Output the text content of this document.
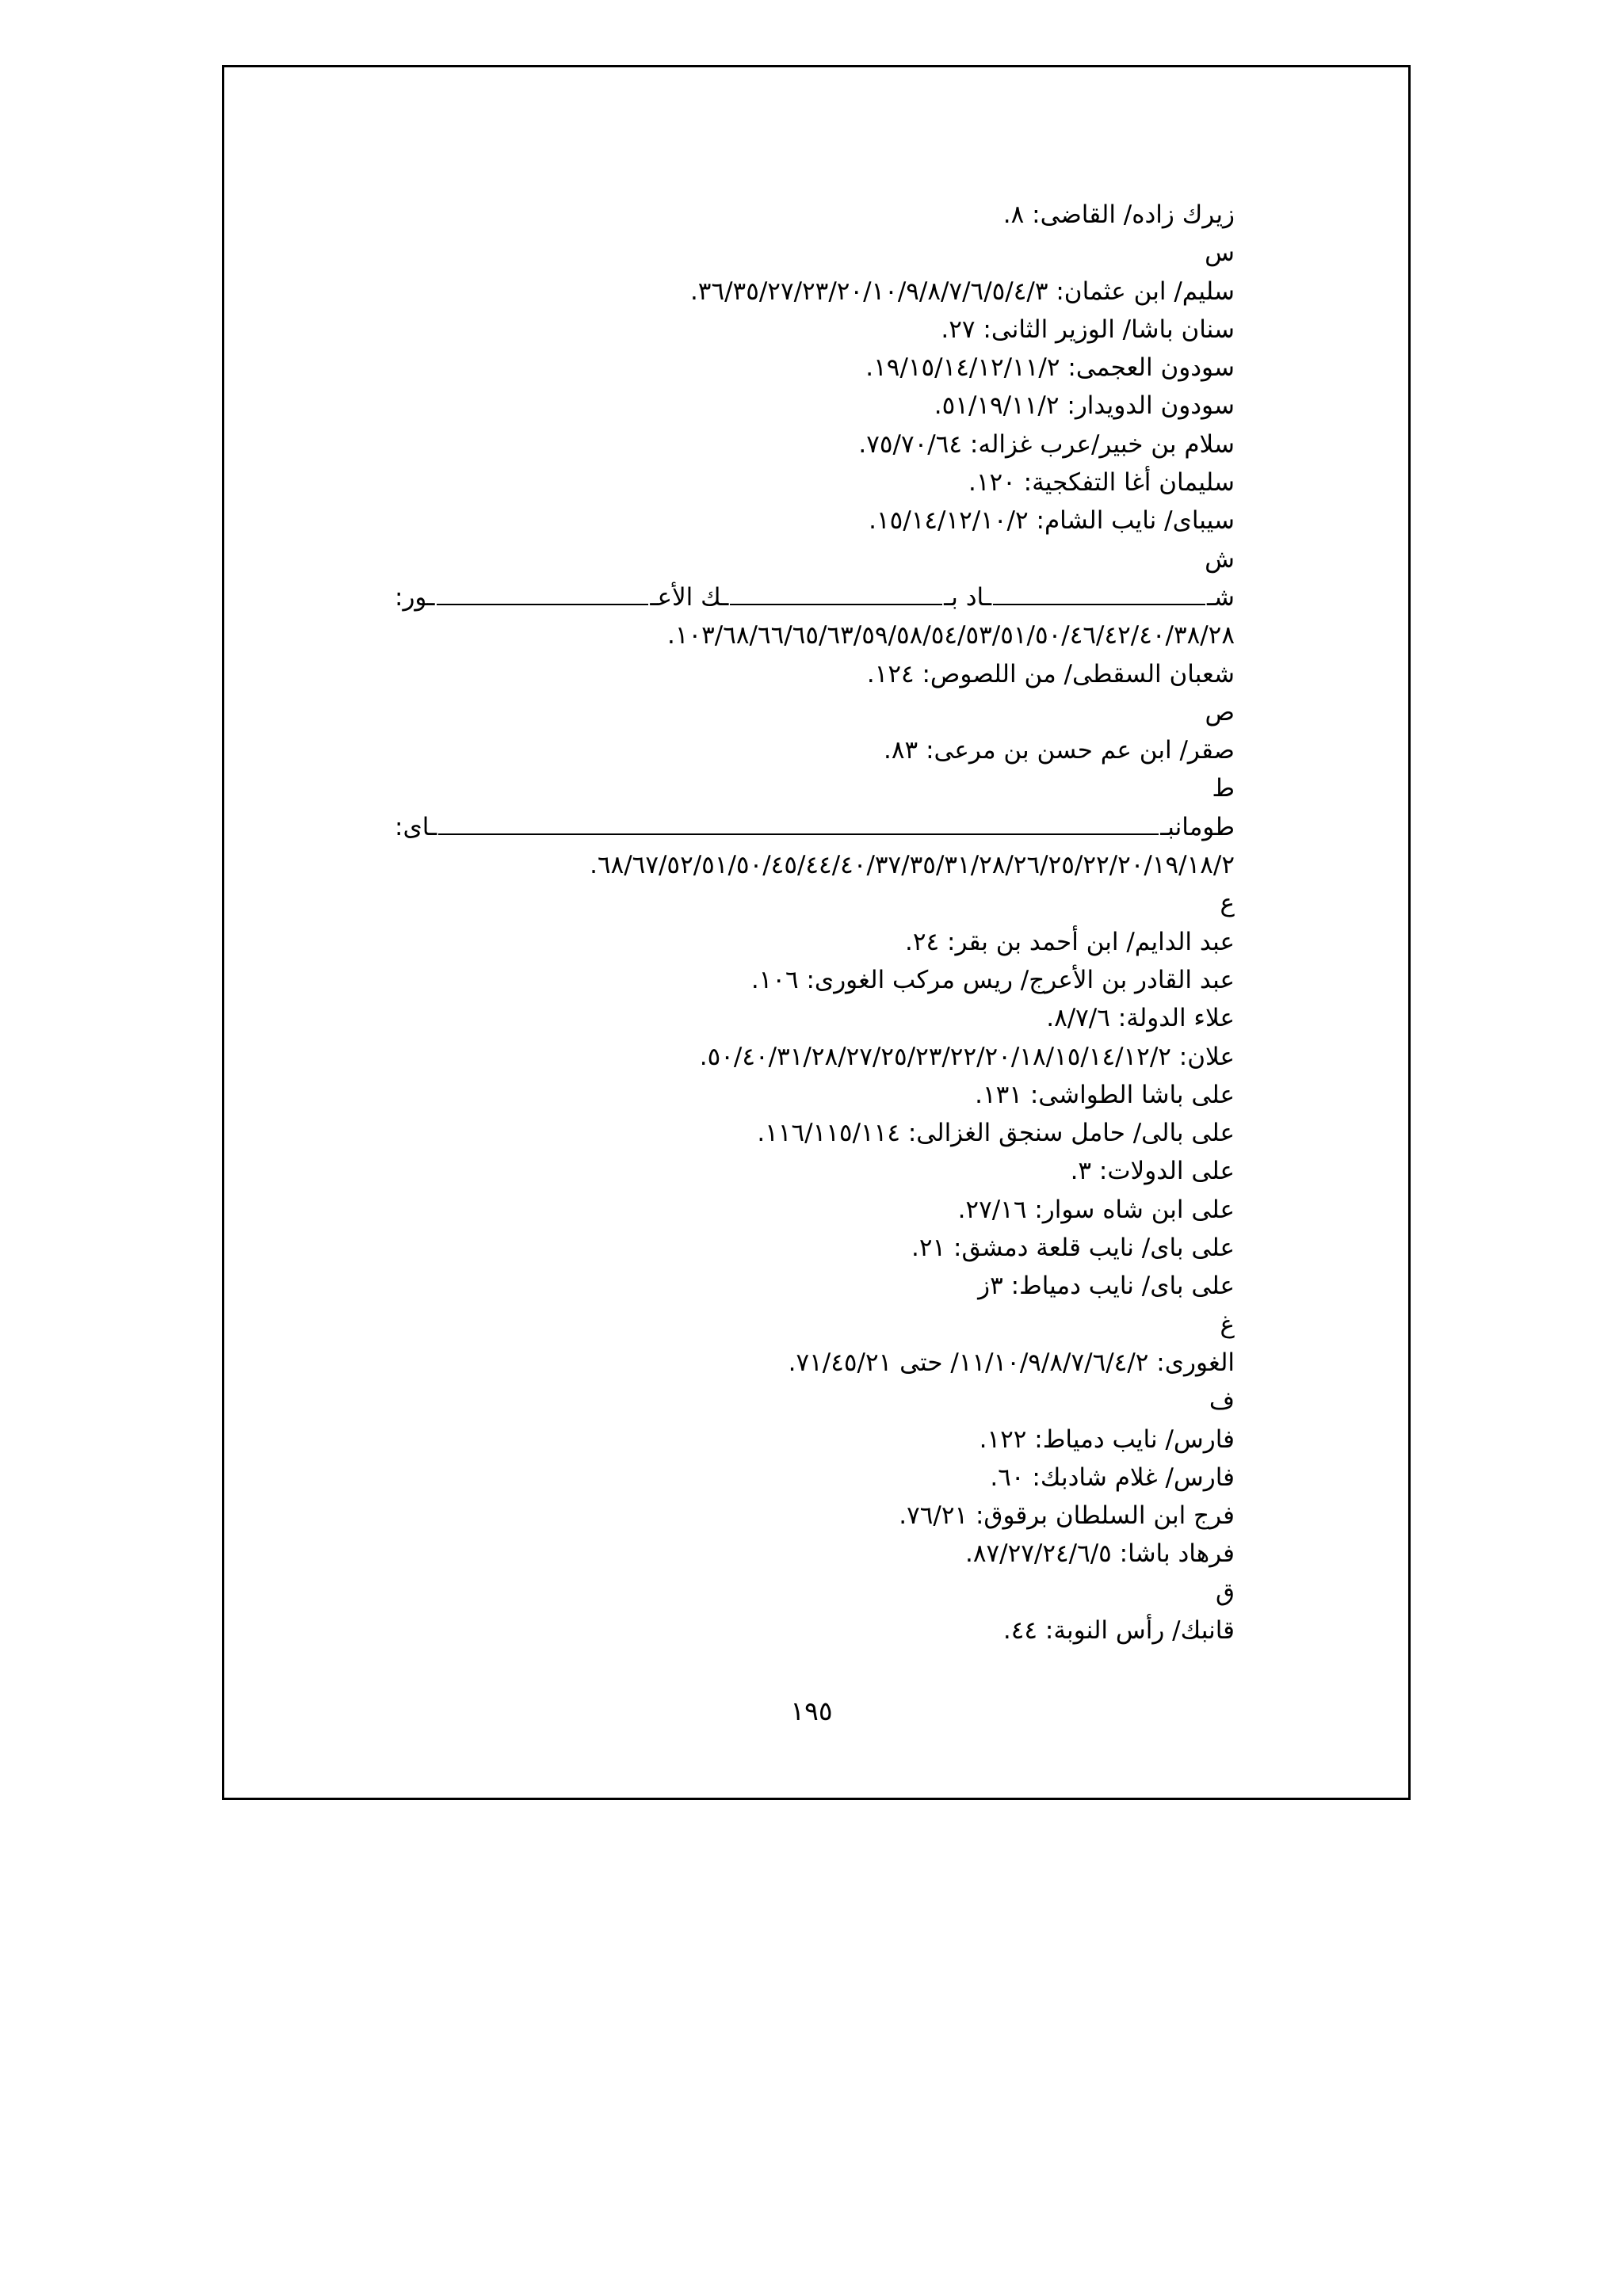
زيرك زاده/ القاضى: ٨.
س
سليم/ ابن عثمان: ٣٦/٣٥/٢٧/٢٣/٢٠/١٠/٩/٨/٧/٦/٥/٤/٣.
سنان باشا/ الوزير الثانى: ٢٧.
سودون العجمى: ١٩/١٥/١٤/١٢/١١/٢.
سودون الدويدار: ٥١/١٩/١١/٢.
سلام بن خبير/عرب غزاله: ٧٥/٧٠/٦٤.
سليمان أغا التفكجية: ١٢٠.
سيباى/ نايب الشام: ١٥/١٤/١٢/١٠/٢.
ش
شـ
ـاد بـ
ـك الأعـ
ـور:
١٠٣/٦٨/٦٦/٦٥/٦٣/٥٩/٥٨/٥٤/٥٣/٥١/٥٠/٤٦/٤٢/٤٠/٣٨/٢٨.
شعبان السقطى/ من اللصوص: ١٢٤.
ص
صقر/ ابن عم حسن بن مرعى: ٨٣.
ط
طومانبـ
ـاى:
٦٨/٦٧/٥٢/٥١/٥٠/٤٥/٤٤/٤٠/٣٧/٣٥/٣١/٢٨/٢٦/٢٥/٢٢/٢٠/١٩/١٨/٢.
ع
عبد الدايم/ ابن أحمد بن بقر: ٢٤.
عبد القادر بن الأعرج/ ريس مركب الغورى: ١٠٦.
علاء الدولة: ٨/٧/٦.
علان: ٥٠/٤٠/٣١/٢٨/٢٧/٢٥/٢٣/٢٢/٢٠/١٨/١٥/١٤/١٢/٢.
على باشا الطواشى: ١٣١.
على بالى/ حامل سنجق الغزالى: ١١٦/١١٥/١١٤.
على الدولات: ٣.
على ابن شاه سوار: ٢٧/١٦.
على باى/ نايب قلعة دمشق: ٢١.
على باى/ نايب دمياط: ٣ز
غ
الغورى: ١١/١٠/٩/٨/٧/٦/٤/٢/ حتى ٧١/٤٥/٢١.
ف
فارس/ نايب دمياط: ١٢٢.
فارس/ غلام شادبك: ٦٠.
فرج ابن السلطان برقوق: ٧٦/٢١.
فرهاد باشا: ٨٧/٢٧/٢٤/٦/٥.
ق
قانبك/ رأس النوبة: ٤٤.
١٩٥
